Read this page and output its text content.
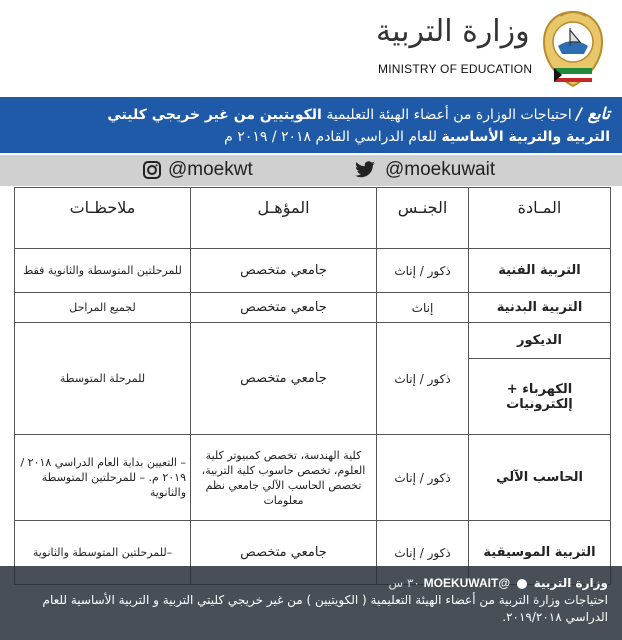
وزارة التربية
MINISTRY OF EDUCATION
تابع / احتياجات الوزارة من أعضاء الهيئة التعليمية الكويتيين من غير خريجي كليتي
التربية والتربية الأساسية للعام الدراسي القادم ٢٠١٨ / ٢٠١٩ م
@moekwt	@moekuwait
المـادة	الجنـس	المؤهـل	ملاحظـات
التربية الفنية	ذكور / إناث	جامعي متخصص	للمرحلتين المتوسطة والثانوية فقط
التربية البدنية	إناث	جامعي متخصص	لجميع المراحل
الديكور	ذكور / إناث	جامعي متخصص	للمرحلة المتوسطة
الكهرباء + إلكترونيات			
الحاسب الآلي	ذكور / إناث	كلية الهندسة، تخصص كمبيوتر كلية العلوم، تخصص حاسوب كلية التربية، تخصص الحاسب الآلي جامعي نظم معلومات	– التعيين بداية العام الدراسي ٢٠١٨ / ٢٠١٩ م. – للمرحلتين المتوسطة والثانوية
التربية الموسيقية	ذكور / إناث	جامعي متخصص	–للمرحلتين المتوسطة والثانوية
وزارة التربية  @MOEKUWAIT ٣٠ س
احتياجات وزارة التربية من أعضاء الهيئة التعليمية ( الكويتيين ) من غير خريجي كليتي التربية و التربية الأساسية للعام الدراسي ٢٠١٩/٢٠١٨.
